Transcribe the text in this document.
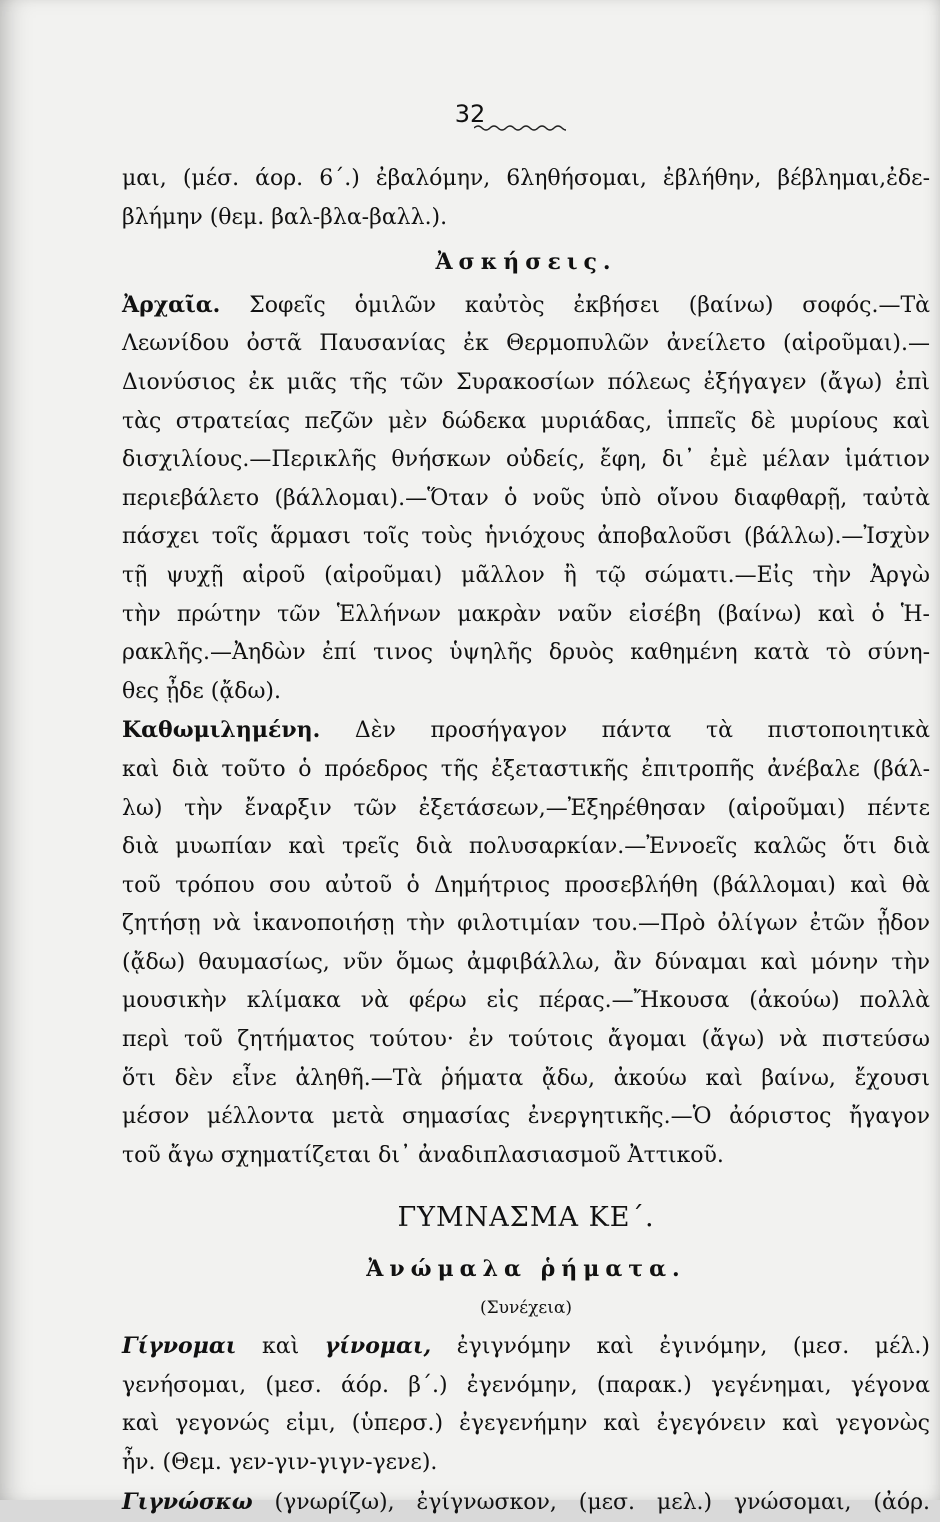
32

μαι, (μέσ. άορ. 6΄.) ἐβαλόμην, 6ληθήσομαι, ἐβλήθην, βέβλημαι,ἐδε-

βλήμην (θεμ. βαλ-βλα-βαλλ.).

Ἀσκήσεις.

Ἀρχαῖα. Σοφεῖς ὁμιλῶν καὐτὸς ἐκβήσει (βαίνω) σοφός.—Τὰ

Λεωνίδου ὀστᾶ Παυσανίας ἐκ Θερμοπυλῶν ἀνείλετο (αἱροῦμαι).—

Διονύσιος ἐκ μιᾶς τῆς τῶν Συρακοσίων πόλεως ἐξήγαγεν (ἄγω) ἐπὶ

τὰς στρατείας πεζῶν μὲν δώδεκα μυριάδας, ἱππεῖς δὲ μυρίους καὶ

δισχιλίους.—Περικλῆς θνήσκων οὐδείς, ἔφη, δι᾽ ἐμὲ μέλαν ἱμάτιον

περιεβάλετο (βάλλομαι).—Ὅταν ὁ νοῦς ὑπὸ οἴνου διαφθαρῇ, ταὐτὰ

πάσχει τοῖς ἅρμασι τοῖς τοὺς ἡνιόχους ἀποβαλοῦσι (βάλλω).—Ἰσχὺν

τῇ ψυχῇ αἱροῦ (αἱροῦμαι) μᾶλλον ἢ τῷ σώματι.—Εἰς τὴν Ἀργὼ

τὴν πρώτην τῶν Ἑλλήνων μακρὰν ναῦν εἰσέβη (βαίνω) καὶ ὁ Ἡ-

ρακλῆς.—Ἀηδὼν ἐπί τινος ὑψηλῆς δρυὸς καθημένη κατὰ τὸ σύνη-

θες ᾖδε (ᾄδω).

Καθωμιλημένη. Δὲν προσήγαγον πάντα τὰ πιστοποιητικὰ

καὶ διὰ τοῦτο ὁ πρόεδρος τῆς ἐξεταστικῆς ἐπιτροπῆς ἀνέβαλε (βάλ-

λω) τὴν ἔναρξιν τῶν ἐξετάσεων,—Ἐξηρέθησαν (αἱροῦμαι) πέντε

διὰ μυωπίαν καὶ τρεῖς διὰ πολυσαρκίαν.—Ἐννοεῖς καλῶς ὅτι διὰ

τοῦ τρόπου σου αὐτοῦ ὁ Δημήτριος προσεβλήθη (βάλλομαι) καὶ θὰ

ζητήσῃ νὰ ἱκανοποιήσῃ τὴν φιλοτιμίαν του.—Πρὸ ὀλίγων ἐτῶν ᾖδον

(ᾄδω) θαυμασίως, νῦν ὅμως ἀμφιβάλλω, ἂν δύναμαι καὶ μόνην τὴν

μουσικὴν κλίμακα νὰ φέρω εἰς πέρας.—Ἤκουσα (ἀκούω) πολλὰ

περὶ τοῦ ζητήματος τούτου· ἐν τούτοις ἄγομαι (ἄγω) νὰ πιστεύσω

ὅτι δὲν εἶνε ἀληθῆ.—Τὰ ῥήματα ᾄδω, ἀκούω καὶ βαίνω, ἔχουσι

μέσον μέλλοντα μετὰ σημασίας ἐνεργητικῆς.—Ὁ ἀόριστος ἤγαγον

τοῦ ἄγω σχηματίζεται δι᾽ ἀναδιπλασιασμοῦ Ἀττικοῦ.

ΓΥΜΝΑΣΜΑ ΚΕ΄.

Ἀνώμαλα ῥήματα.

(Συνέχεια)

Γίγνομαι καὶ γίνομαι, ἐγιγνόμην καὶ ἐγινόμην, (μεσ. μέλ.)

γενήσομαι, (μεσ. άόρ. β΄.) ἐγενόμην, (παρακ.) γεγένημαι, γέγονα

καὶ γεγονώς εἰμι, (ὑπερσ.) ἐγεγενήμην καὶ ἐγεγόνειν καὶ γεγονὼς

ἦν. (Θεμ. γεν-γιν-γιγν-γενε).

Γιγνώσκω (γνωρίζω), ἐγίγνωσκον, (μεσ. μελ.) γνώσομαι, (ἀόρ.
